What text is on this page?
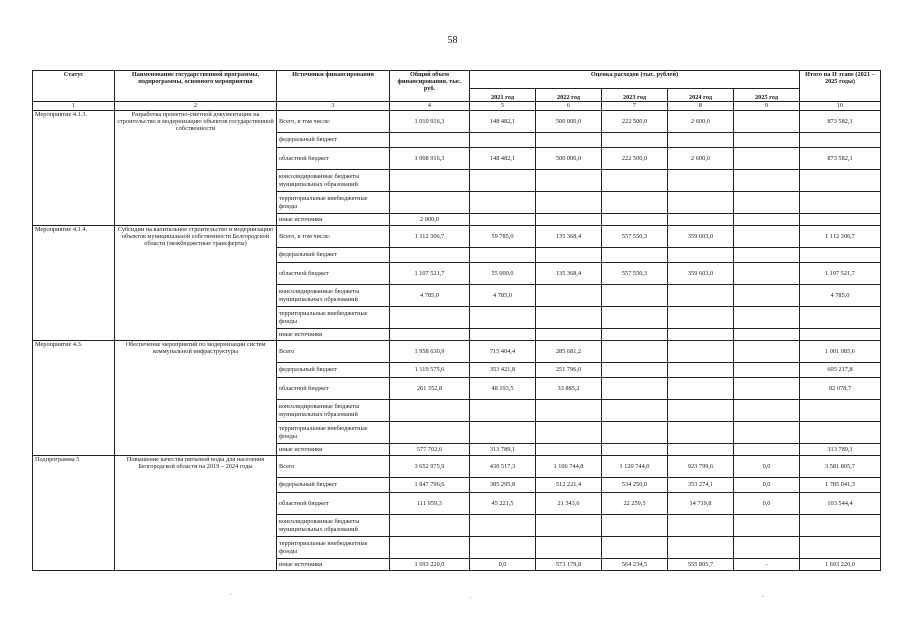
58
Статус	Наименование государственной программы, подпрограммы, основного мероприятия	Источники финансирования	Общий объем финансирования, тыс. руб.	Оценка расходов (тыс. рублей)					Итого на II этапе (2021 – 2025 годы)
				2021 год	2022 год	2023 год	2024 год	2025 год	
1	2	3	4	5	6	7	8	9	10
Мероприятие 4.1.3.	Разработка проектно-сметной документации на строительство и модернизацию объектов государственной собственности	Всего, в том числе:	1 010 916,3	148 482,1	500 000,0	222 500,0	2 600,0		873 582,1
		федеральный бюджет							
		областной бюджет	1 008 916,3	148 482,1	500 000,0	222 500,0	2 600,0		873 582,1
		консолидированные бюджеты муниципальных образований							
		территориальные внебюджетные фонды							
		иные источники	2 000,0						
Мероприятие 4.1.4.	Субсидии на капитальное строительство и модернизацию объектов муниципальной собственности Белгородской области (межбюджетные трансферты)	Всего, в том числе:	1 112 306,7	59 785,0	135 368,4	557 550,3	359 603,0		1 112 306,7
		федеральный бюджет							
		областной бюджет	1 107 521,7	55 000,0	135 368,4	557 550,3	359 603,0		1 107 521,7
		консолидированные бюджеты муниципальных образований	4 785,0	4 785,0					4 785,0
		территориальные внебюджетные фонды							
		иные источники							
Мероприятие 4.3.	Обеспечение мероприятий по модернизации систем коммунальной инфраструктуры	Всего	1 958 630,9	715 404,4	285 681,2				1 001 085,6
		федеральный бюджет	1 119 575,6	353 421,8	251 796,0				605 217,8
		областной бюджет	261 352,8	48 193,5	33 885,2				82 078,7
		консолидированные бюджеты муниципальных образований							
		территориальные внебюджетные фонды							
		иные источники	577 702,6	313 789,1					313 789,1
Подпрограмма 5	Повышение качества питьевой воды для населения Белгородской области на 2019 – 2024 годы	Всего	3 652 975,9	430 517,3	1 106 744,8	1 120 744,0	923 799,6	0,0	3 581 805,7
		федеральный бюджет	1 847 796,6	385 295,8	512 221,4	534 250,0	353 274,1	0,0	1 785 041,3
		областной бюджет	111 959,3	45 221,5	21 343,6	22 259,5	14 719,8	0,0	103 544,4
		консолидированные бюджеты муниципальных образований							
		территориальные внебюджетные фонды							
		иные источники	1 693 220,0	0,0	573 179,8	564 234,5	555 805,7	-	1 693 220,0
`	.	-
